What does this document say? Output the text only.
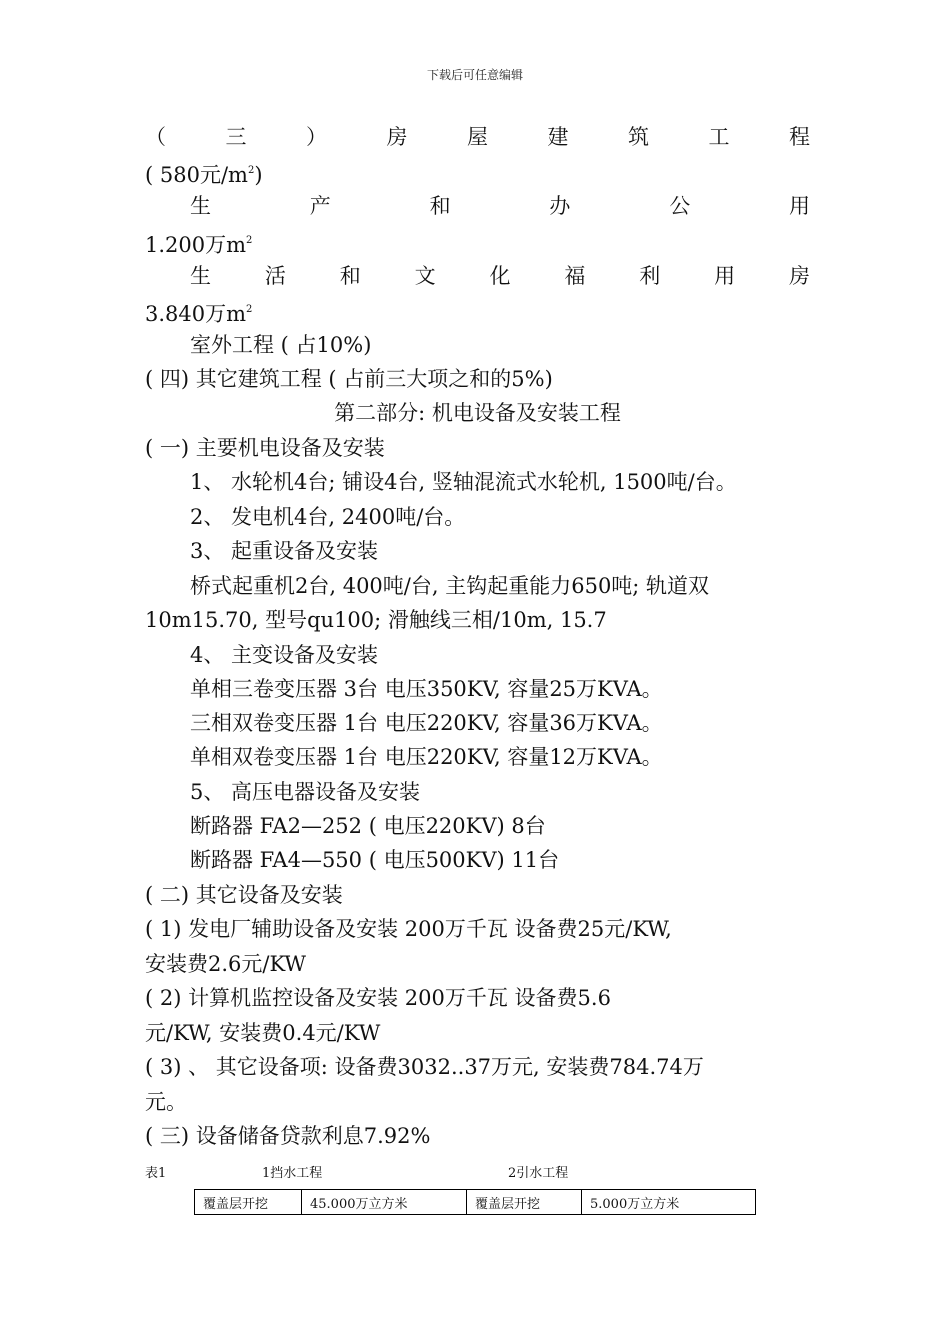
下载后可任意编辑
（	三	）	房	屋	建	筑	工	程
( 580元$/m^2$)
生	产	和	办	公	用
1.200万$m^2$
生	活	和	文	化	福	利	用	房
3.840万$m^2$
室外工程 ( 占10%)
( 四) 其它建筑工程 ( 占前三大项之和的5%)
第二部分: 机电设备及安装工程
( 一) 主要机电设备及安装
1、 水轮机4台; 铺设4台, 竖轴混流式水轮机, 1500吨/台。
2、 发电机4台, 2400吨/台。
3、 起重设备及安装
桥式起重机2台, 400吨/台, 主钩起重能力650吨; 轨道双
10m15.70, 型号qu100; 滑触线三相/10m, 15.7
4、 主变设备及安装
单相三卷变压器 3台 电压350KV, 容量25万KVA。
三相双卷变压器 1台 电压220KV, 容量36万KVA。
单相双卷变压器 1台 电压220KV, 容量12万KVA。
5、 高压电器设备及安装
断路器 FA2—252 ( 电压220KV) 8台
断路器 FA4—550 ( 电压500KV) 11台
( 二) 其它设备及安装
( 1) 发电厂辅助设备及安装 200万千瓦 设备费25元/KW,
安装费2.6元/KW
( 2) 计算机监控设备及安装 200万千瓦 设备费5.6
元/KW, 安装费0.4元/KW
( 3) 、 其它设备项: 设备费3032..37万元, 安装费784.74万
元。
( 三) 设备储备贷款利息7.92%
表1	1挡水工程	2引水工程
覆盖层开挖	45.000万立方米	覆盖层开挖	5.000万立方米
